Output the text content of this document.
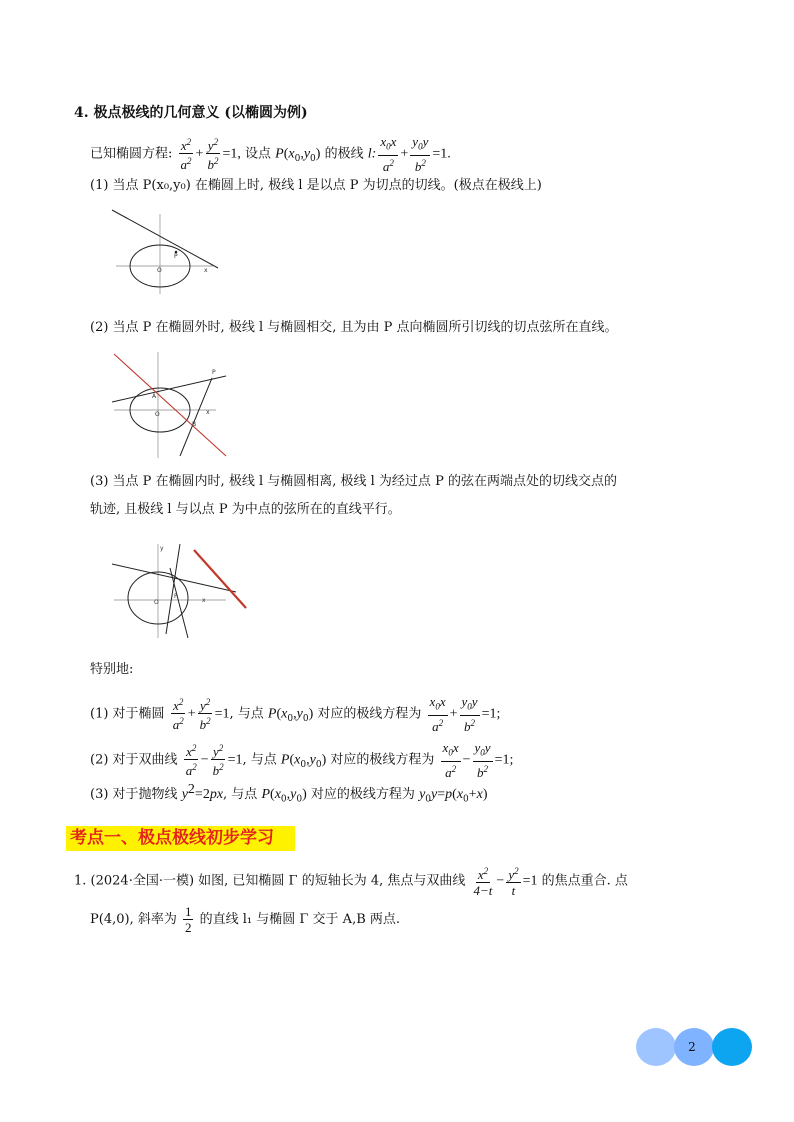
4. 极点极线的几何意义 (以椭圆为例)
已知椭圆方程: $\frac{x^2}{a^2} + \frac{y^2}{b^2} =1$, 设点 $P(x_0,y_0)$ 的极线 l: $\frac{x_0x}{a^2} + \frac{y_0y}{b^2} =1$.
(1) 当点 P(x₀,y₀) 在椭圆上时, 极线 l 是以点 P 为切点的切线。(极点在极线上)
O
P
x
(2) 当点 P 在椭圆外时, 极线 l 与椭圆相交, 且为由 P 点向椭圆所引切线的切点弦所在直线。
O
P
A
B
x
(3) 当点 P 在椭圆内时, 极线 l 与椭圆相离, 极线 l 为经过点 P 的弦在两端点处的切线交点的
轨迹, 且极线 l 与以点 P 为中点的弦所在的直线平行。
O
P
x
y
特别地:
(1) 对于椭圆 $\frac{x^2}{a^2} + \frac{y^2}{b^2} =1$, 与点 $P(x_0,y_0)$ 对应的极线方程为 $\frac{x_0x}{a^2} + \frac{y_0y}{b^2} =1$;
(2) 对于双曲线 $\frac{x^2}{a^2} - \frac{y^2}{b^2} =1$, 与点 $P(x_0,y_0)$ 对应的极线方程为 $\frac{x_0x}{a^2} - \frac{y_0y}{b^2} =1$;
(3) 对于抛物线 $y^2=2px$, 与点 $P(x_0,y_0)$ 对应的极线方程为 $y_0y=p(x_0+x)$
考点一、极点极线初步学习
1. (2024·全国·一模) 如图, 已知椭圆 Γ 的短轴长为 4, 焦点与双曲线 $\frac{x^2}{4-t} - \frac{y^2}{t} =1$ 的焦点重合. 点
P(4,0), 斜率为 $\frac{1}{2}$ 的直线 l₁ 与椭圆 Γ 交于 A,B 两点.
2
